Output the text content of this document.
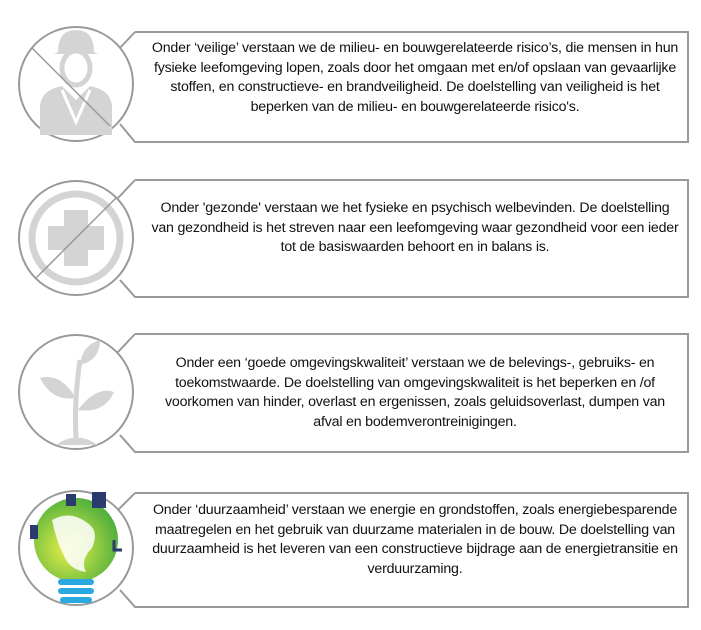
Onder ‘veilige’ verstaan we de milieu- en bouwgerelateerde risico’s, die mensen in hun fysieke leefomgeving lopen, zoals door het omgaan met en/of opslaan van gevaarlijke stoffen, en constructieve- en brandveiligheid. De doelstelling van veiligheid is het beperken van de milieu- en bouwgerelateerde risico's.
Onder 'gezonde' verstaan we het fysieke en psychisch welbevinden. De doelstelling van gezondheid is het streven naar een leefomgeving waar gezondheid voor een ieder tot de basiswaarden behoort en in balans is.
Onder een ‘goede omgevingskwaliteit’ verstaan we de belevings-, gebruiks- en toekomstwaarde. De doelstelling van omgevingskwaliteit is het beperken en /of voorkomen van hinder, overlast en ergenissen, zoals geluidsoverlast, dumpen van afval en bodemverontreinigingen.
Onder ‘duurzaamheid’ verstaan we energie en grondstoffen, zoals energiebesparende maatregelen en het gebruik van duurzame materialen in de bouw. De doelstelling van duurzaamheid is het leveren van een constructieve bijdrage aan de energietransitie en verduurzaming.
